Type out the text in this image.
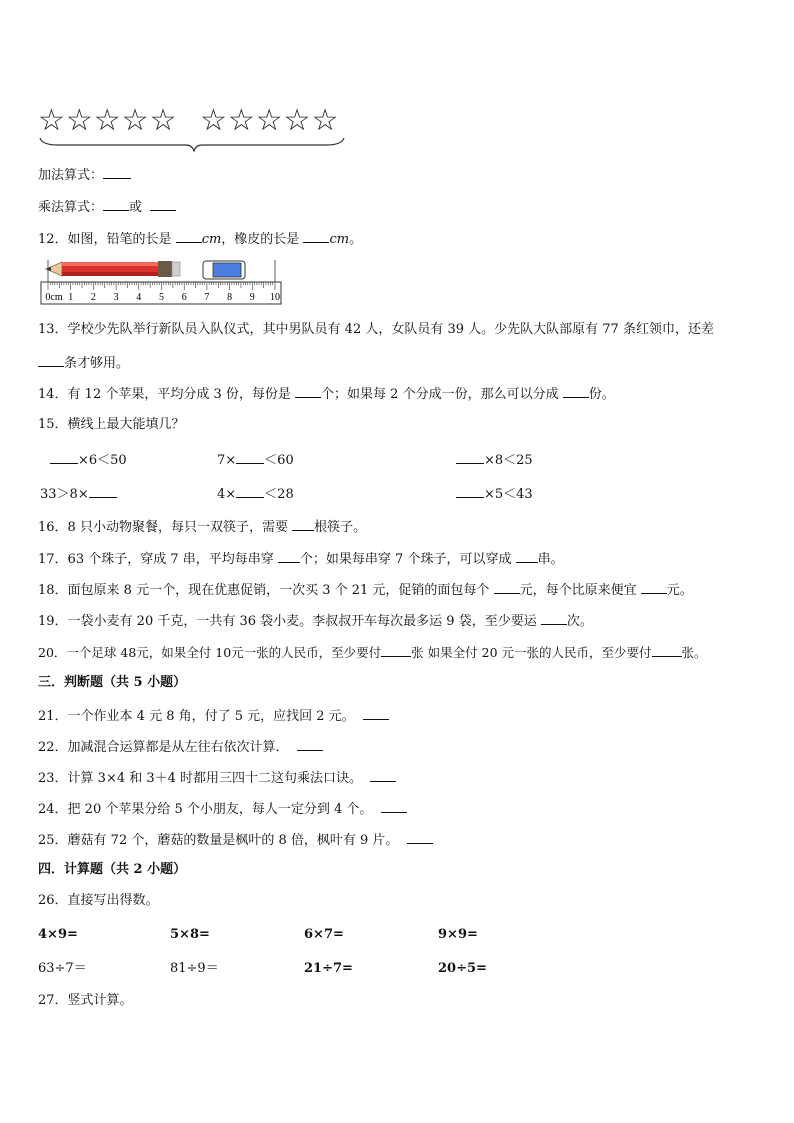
☆☆☆☆☆ ☆☆☆☆☆
加法算式：
乘法算式： 或
12．如图，铅笔的长是 cm，橡皮的长是 cm。
0cm 1 2 3 4 5 6 7 8 9 10
13．学校少先队举行新队员入队仪式，其中男队员有 42 人，女队员有 39 人。少先队大队部原有 77 条红领巾，还差
条才够用。
14．有 12 个苹果，平均分成 3 份，每份是 个；如果每 2 个分成一份，那么可以分成 份。
15．横线上最大能填几？
×6＜50	7× ＜60	×8＜25
33＞8×	4× ＜28	×5＜43
16．8 只小动物聚餐，每只一双筷子，需要 根筷子。
17．63 个珠子，穿成 7 串，平均每串穿 个；如果每串穿 7 个珠子，可以穿成 串。
18．面包原来 8 元一个，现在优惠促销，一次买 3 个 21 元，促销的面包每个 元，每个比原来便宜 元。
19．一袋小麦有 20 千克，一共有 36 袋小麦。李叔叔开车每次最多运 9 袋，至少要运 次。
20．一个足球 48元，如果全付 10元一张的人民币，至少要付 张 如果全付 20 元一张的人民币，至少要付 张。
三．判断题（共 5 小题）
21．一个作业本 4 元 8 角，付了 5 元，应找回 2 元。
22．加减混合运算都是从左往右依次计算．
23．计算 3×4 和 3＋4 时都用三四十二这句乘法口诀。
24．把 20 个苹果分给 5 个小朋友，每人一定分到 4 个。
25．蘑菇有 72 个，蘑菇的数量是枫叶的 8 倍，枫叶有 9 片。
四．计算题（共 2 小题）
26．直接写出得数。
4×9=	5×8=	6×7=	9×9=
63÷7＝	81÷9＝	21÷7=	20÷5=
27．竖式计算。
